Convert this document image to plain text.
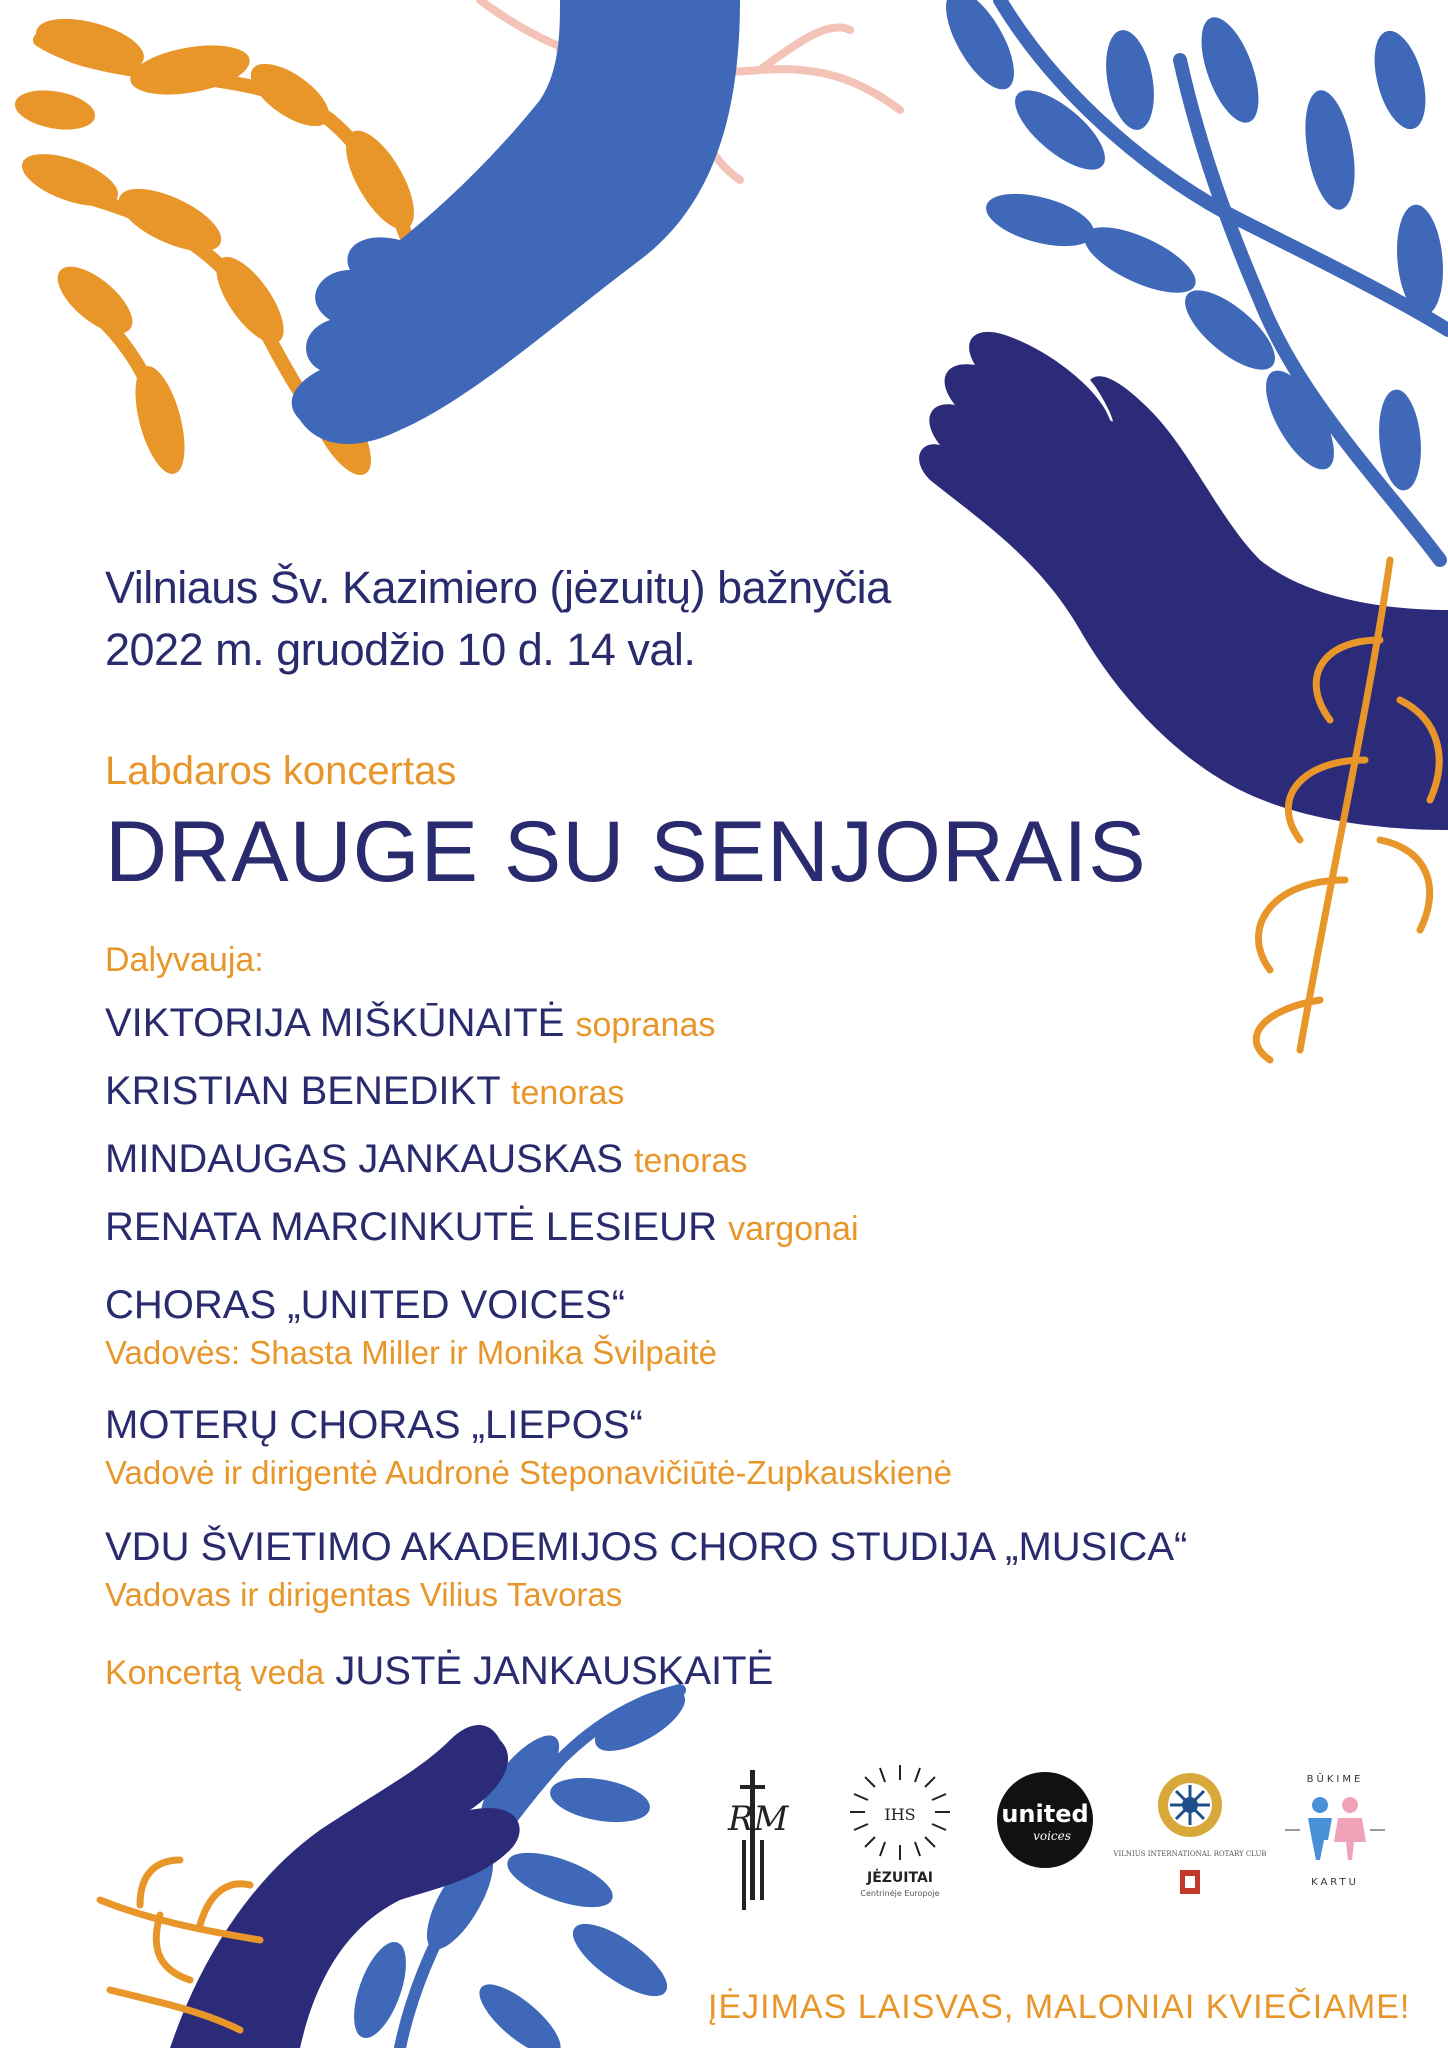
Vilniaus Šv. Kazimiero (jėzuitų) bažnyčia
2022 m. gruodžio 10 d. 14 val.
Labdaros koncertas
DRAUGE SU SENJORAIS
Dalyvauja:
VIKTORIJA MIŠKŪNAITĖ sopranas
KRISTIAN BENEDIKT tenoras
MINDAUGAS JANKAUSKAS tenoras
RENATA MARCINKUTĖ LESIEUR vargonai
CHORAS „UNITED VOICES“
Vadovės: Shasta Miller ir Monika Švilpaitė
MOTERŲ CHORAS „LIEPOS“
Vadovė ir dirigentė Audronė Steponavičiūtė-Zupkauskienė
VDU ŠVIETIMO AKADEMIJOS CHORO STUDIJA „MUSICA“
Vadovas ir dirigentas Vilius Tavoras
Koncertą veda JUSTĖ JANKAUSKAITĖ
RM	IHS
JĖZUITAI
Centrinėje Europoje
united
voices
VILNIUS INTERNATIONAL ROTARY CLUB
BŪKIME
KARTU
ĮĖJIMAS LAISVAS, MALONIAI KVIEČIAME!
